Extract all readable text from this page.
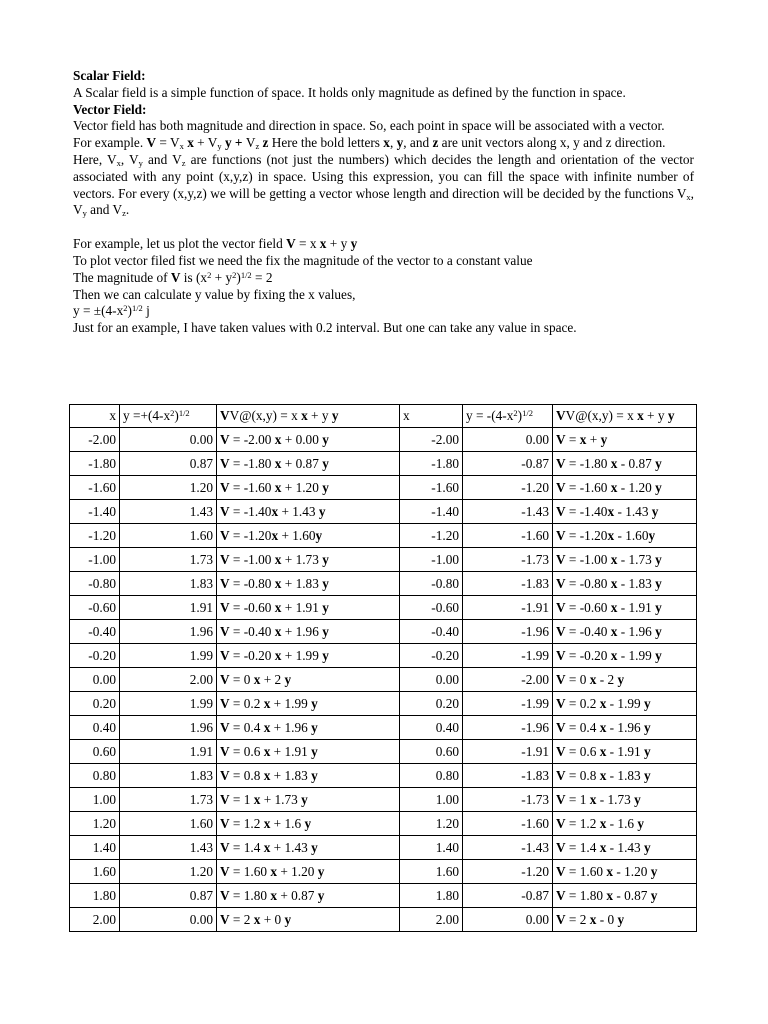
Scalar Field:
A Scalar field is a simple function of space. It holds only magnitude as defined by the function in space.
Vector Field:
Vector field has both magnitude and direction in space. So, each point in space will be associated with a vector.
For example. $V = V_x$ $x + V_y$ $y + V_z$ z Here the bold letters x, y, and z are unit vectors along x, y and z direction.
Here, $V_x$, $V_y$ and $V_z$ are functions (not just the numbers) which decides the length and orientation of the vector associated with any point (x,y,z) in space. Using this expression, you can fill the space with infinite number of vectors. For every (x,y,z) we will be getting a vector whose length and direction will be decided by the functions $V_x$, $V_y$ and $V_z$.
For example, let us plot the vector field V = x x + y y
To plot vector filed fist we need the fix the magnitude of the vector to a constant value
The magnitude of V is $(x^2 + y^2)^{1/2} = 2$
Then we can calculate y value by fixing the x values,
$y = \pm(4-x^2)^{1/2}$ j
Just for an example, I have taken values with 0.2 interval. But one can take any value in space.
x	$y =+(4-x^2)^{1/2}$	VV@(x,y) = x x + y y	x	$y = -(4-x^2)^{1/2}$	VV@(x,y) = x x + y y
-2.00	0.00	V = -2.00 x + 0.00 y	-2.00	0.00	V = x + y
-1.80	0.87	V = -1.80 x + 0.87 y	-1.80	-0.87	V = -1.80 x - 0.87 y
-1.60	1.20	V = -1.60 x + 1.20 y	-1.60	-1.20	V = -1.60 x - 1.20 y
-1.40	1.43	V = -1.40x + 1.43 y	-1.40	-1.43	V = -1.40x - 1.43 y
-1.20	1.60	V = -1.20x + 1.60y	-1.20	-1.60	V = -1.20x - 1.60y
-1.00	1.73	V = -1.00 x + 1.73 y	-1.00	-1.73	V = -1.00 x - 1.73 y
-0.80	1.83	V = -0.80 x + 1.83 y	-0.80	-1.83	V = -0.80 x - 1.83 y
-0.60	1.91	V = -0.60 x + 1.91 y	-0.60	-1.91	V = -0.60 x - 1.91 y
-0.40	1.96	V = -0.40 x + 1.96 y	-0.40	-1.96	V = -0.40 x - 1.96 y
-0.20	1.99	V = -0.20 x + 1.99 y	-0.20	-1.99	V = -0.20 x - 1.99 y
0.00	2.00	V = 0 x + 2 y	0.00	-2.00	V = 0 x - 2 y
0.20	1.99	V = 0.2 x + 1.99 y	0.20	-1.99	V = 0.2 x - 1.99 y
0.40	1.96	V = 0.4 x + 1.96 y	0.40	-1.96	V = 0.4 x - 1.96 y
0.60	1.91	V = 0.6 x + 1.91 y	0.60	-1.91	V = 0.6 x - 1.91 y
0.80	1.83	V = 0.8 x + 1.83 y	0.80	-1.83	V = 0.8 x - 1.83 y
1.00	1.73	V = 1 x + 1.73 y	1.00	-1.73	V = 1 x - 1.73 y
1.20	1.60	V = 1.2 x + 1.6 y	1.20	-1.60	V = 1.2 x - 1.6 y
1.40	1.43	V = 1.4 x + 1.43 y	1.40	-1.43	V = 1.4 x - 1.43 y
1.60	1.20	V = 1.60 x + 1.20 y	1.60	-1.20	V = 1.60 x - 1.20 y
1.80	0.87	V = 1.80 x + 0.87 y	1.80	-0.87	V = 1.80 x - 0.87 y
2.00	0.00	V = 2 x + 0 y	2.00	0.00	V = 2 x - 0 y
